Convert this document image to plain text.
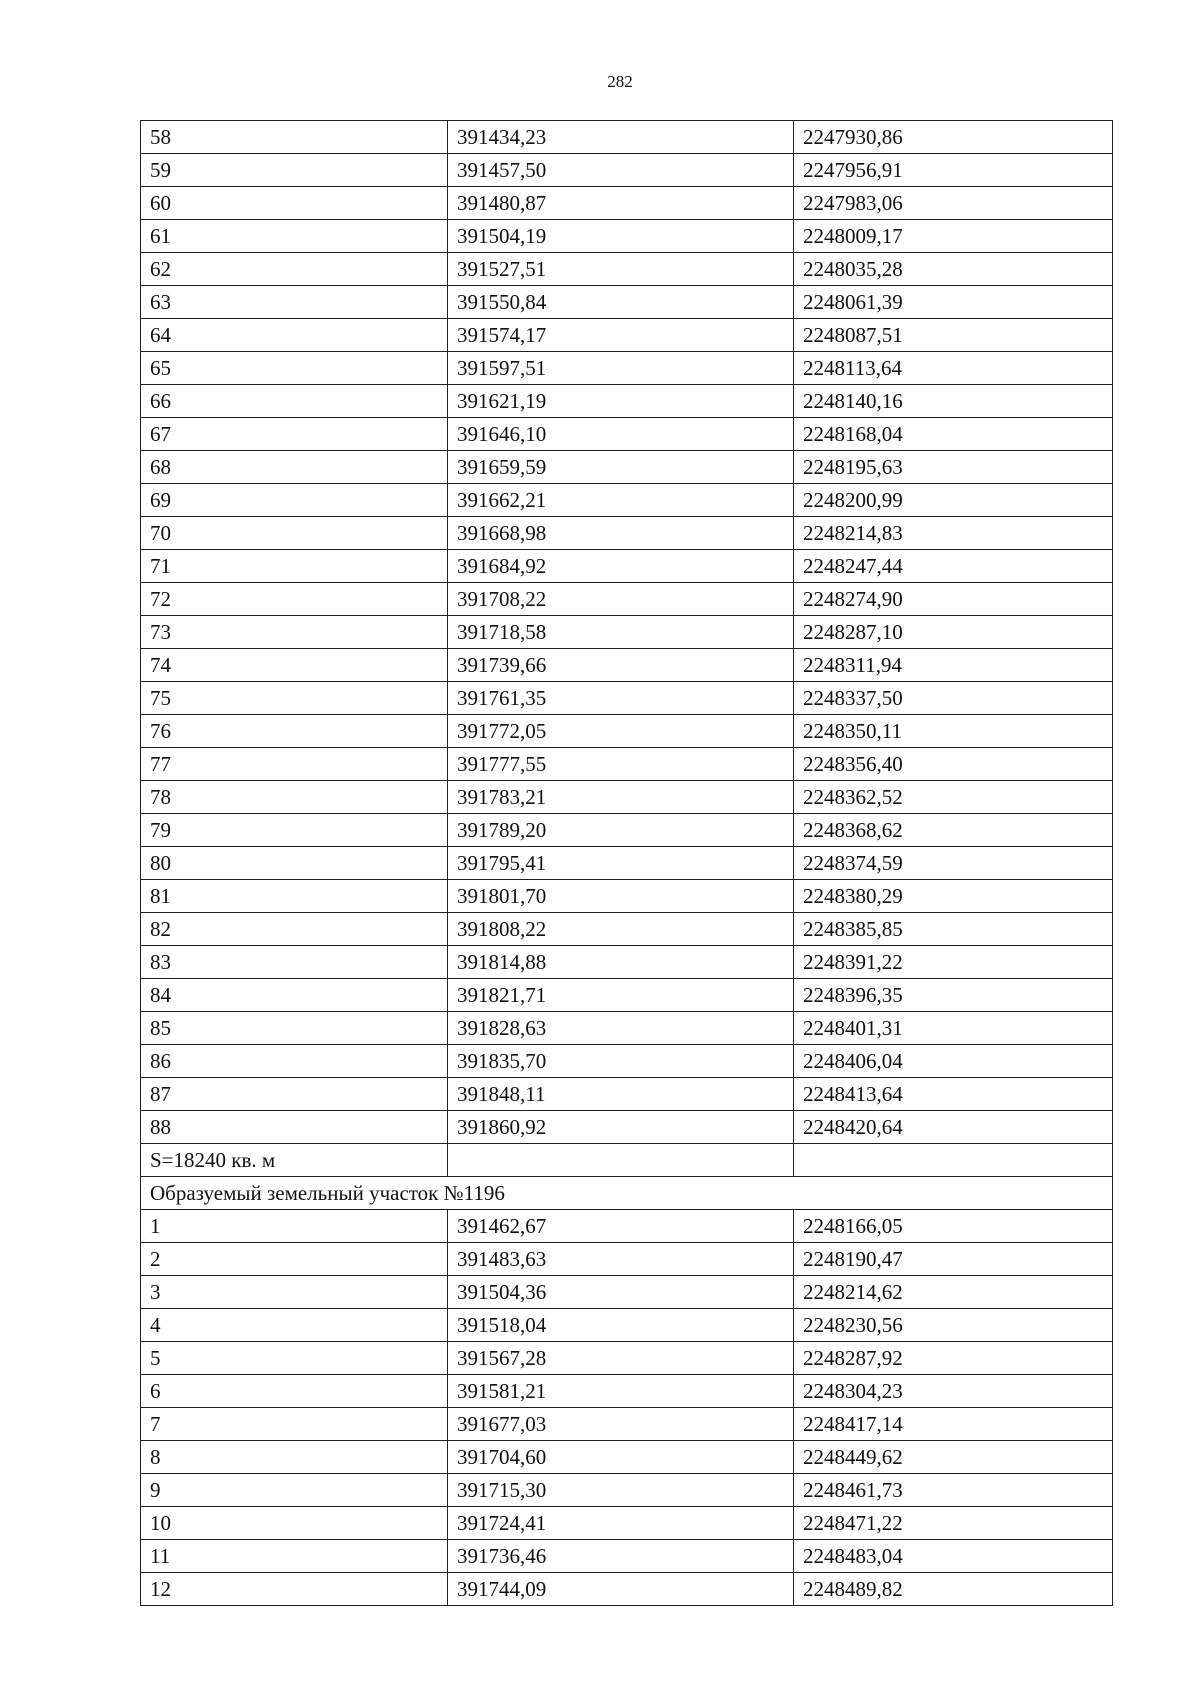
282
58	391434,23	2247930,86
59	391457,50	2247956,91
60	391480,87	2247983,06
61	391504,19	2248009,17
62	391527,51	2248035,28
63	391550,84	2248061,39
64	391574,17	2248087,51
65	391597,51	2248113,64
66	391621,19	2248140,16
67	391646,10	2248168,04
68	391659,59	2248195,63
69	391662,21	2248200,99
70	391668,98	2248214,83
71	391684,92	2248247,44
72	391708,22	2248274,90
73	391718,58	2248287,10
74	391739,66	2248311,94
75	391761,35	2248337,50
76	391772,05	2248350,11
77	391777,55	2248356,40
78	391783,21	2248362,52
79	391789,20	2248368,62
80	391795,41	2248374,59
81	391801,70	2248380,29
82	391808,22	2248385,85
83	391814,88	2248391,22
84	391821,71	2248396,35
85	391828,63	2248401,31
86	391835,70	2248406,04
87	391848,11	2248413,64
88	391860,92	2248420,64
S=18240 кв. м		
Образуемый земельный участок №1196		
1	391462,67	2248166,05
2	391483,63	2248190,47
3	391504,36	2248214,62
4	391518,04	2248230,56
5	391567,28	2248287,92
6	391581,21	2248304,23
7	391677,03	2248417,14
8	391704,60	2248449,62
9	391715,30	2248461,73
10	391724,41	2248471,22
11	391736,46	2248483,04
12	391744,09	2248489,82
